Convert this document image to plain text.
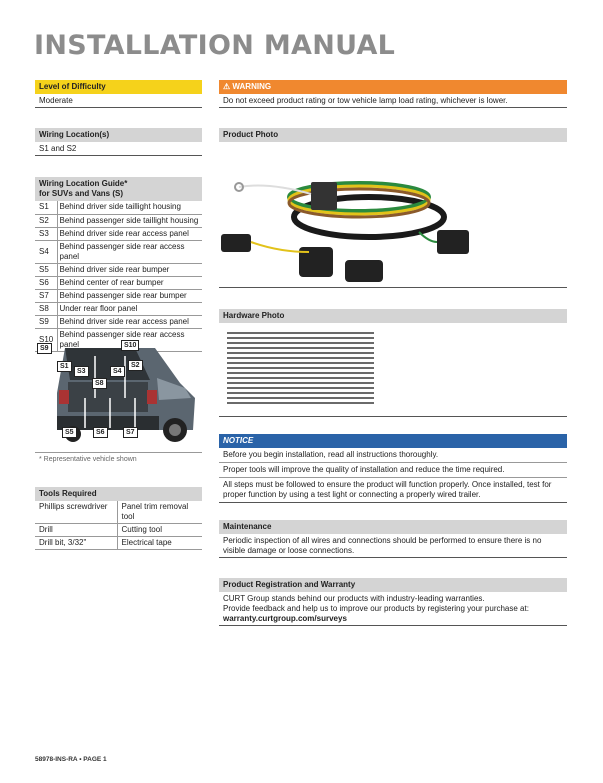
INSTALLATION MANUAL
Level of Difficulty
Moderate
Wiring Location(s)
S1 and S2
Wiring Location Guide*
for SUVs and Vans (S)
S1	Behind driver side taillight housing
S2	Behind passenger side taillight housing
S3	Behind driver side rear access panel
S4	Behind passenger side rear access panel
S5	Behind driver side rear bumper
S6	Behind center of rear bumper
S7	Behind passenger side rear bumper
S8	Under rear floor panel
S9	Behind driver side rear access panel
S10	Behind passenger side rear access panel
S9	S10
S1
S3	S4
S2
S8
S5	S6	S7
* Representative vehicle shown
Tools Required
Phillips screwdriver	Panel trim removal tool
Drill	Cutting tool
Drill bit, 3/32"	Electrical tape
⚠ WARNING
Do not exceed product rating or tow vehicle lamp load rating, whichever is lower.
Product Photo
Hardware Photo
NOTICE
Before you begin installation, read all instructions thoroughly.
Proper tools will improve the quality of installation and reduce the time required.
All steps must be followed to ensure the product will function properly. Once installed, test for proper function by using a test light or connecting a properly wired trailer.
Maintenance
Periodic inspection of all wires and connections should be performed to ensure there is no visible damage or loose connections.
Product Registration and Warranty
CURT Group stands behind our products with industry-leading warranties.
Provide feedback and help us to improve our products by registering your purchase at:
warranty.curtgroup.com/surveys
58978-INS-RA • PAGE 1
